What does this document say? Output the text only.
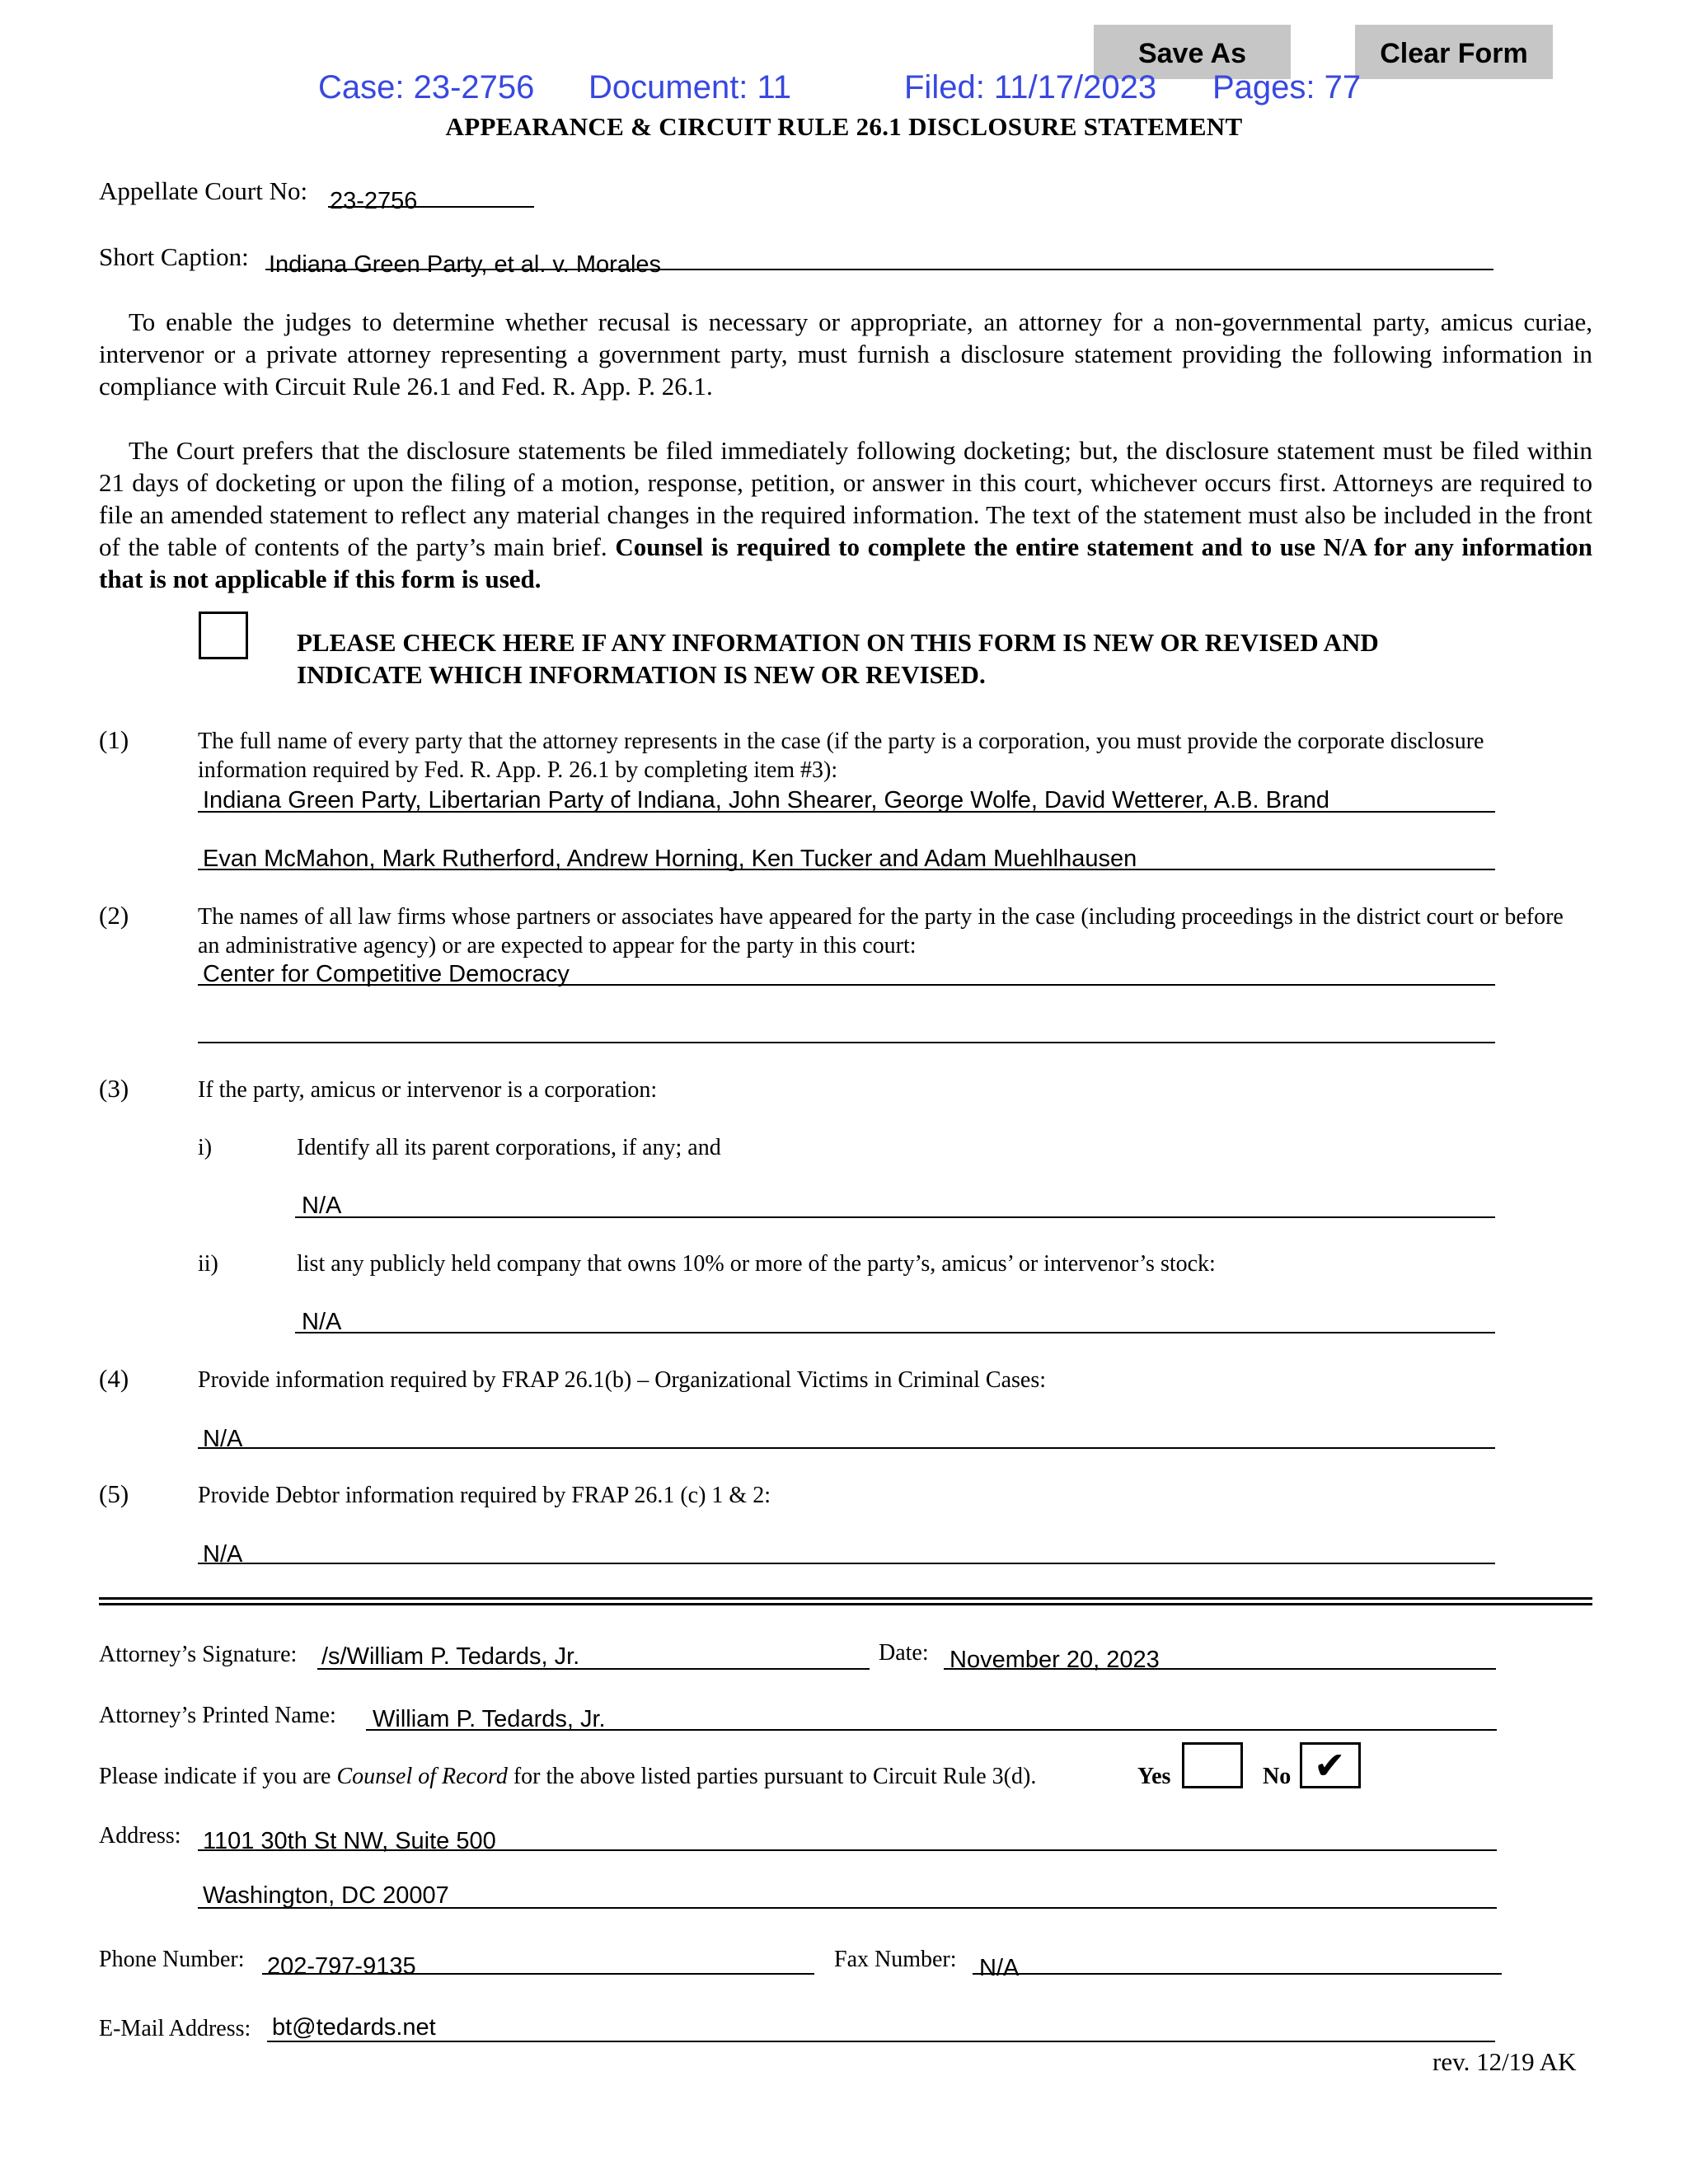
Save As	Clear Form
Case: 23-2756 Document: 11	Filed: 11/17/2023 Pages: 77
APPEARANCE & CIRCUIT RULE 26.1 DISCLOSURE STATEMENT
Appellate Court No: 23-2756
Short Caption: Indiana Green Party, et al. v. Morales
To enable the judges to determine whether recusal is necessary or appropriate, an attorney for a non-governmental party, amicus curiae, intervenor or a private attorney representing a government party, must furnish a disclosure statement providing the following information in compliance with Circuit Rule 26.1 and Fed. R. App. P. 26.1.
The Court prefers that the disclosure statements be filed immediately following docketing; but, the disclosure statement must be filed within 21 days of docketing or upon the filing of a motion, response, petition, or answer in this court, whichever occurs first. Attorneys are required to file an amended statement to reflect any material changes in the required information. The text of the statement must also be included in the front of the table of contents of the party’s main brief. Counsel is required to complete the entire statement and to use N/A for any information that is not applicable if this form is used.
PLEASE CHECK HERE IF ANY INFORMATION ON THIS FORM IS NEW OR REVISED AND
INDICATE WHICH INFORMATION IS NEW OR REVISED.
(1)	The full name of every party that the attorney represents in the case (if the party is a corporation, you must provide the corporate disclosure information required by Fed. R. App. P. 26.1 by completing item #3):
Indiana Green Party, Libertarian Party of Indiana, John Shearer, George Wolfe, David Wetterer, A.B. Brand
Evan McMahon, Mark Rutherford, Andrew Horning, Ken Tucker and Adam Muehlhausen
(2)	The names of all law firms whose partners or associates have appeared for the party in the case (including proceedings in the district court or before an administrative agency) or are expected to appear for the party in this court:
Center for Competitive Democracy
(3)	If the party, amicus or intervenor is a corporation:
i)	Identify all its parent corporations, if any; and
N/A
ii)	list any publicly held company that owns 10% or more of the party’s, amicus’ or intervenor’s stock:
N/A
(4)	Provide information required by FRAP 26.1(b) – Organizational Victims in Criminal Cases:
N/A
(5)	Provide Debtor information required by FRAP 26.1 (c) 1 & 2:
N/A
Attorney’s Signature: /s/William P. Tedards, Jr.	Date: November 20, 2023
Attorney’s Printed Name: William P. Tedards, Jr.
Please indicate if you are Counsel of Record for the above listed parties pursuant to Circuit Rule 3(d).	Yes	No ✔
Address: 1101 30th St NW, Suite 500
Washington, DC 20007
Phone Number: 202-797-9135	Fax Number: N/A
E-Mail Address: bt@tedards.net
rev. 12/19 AK
